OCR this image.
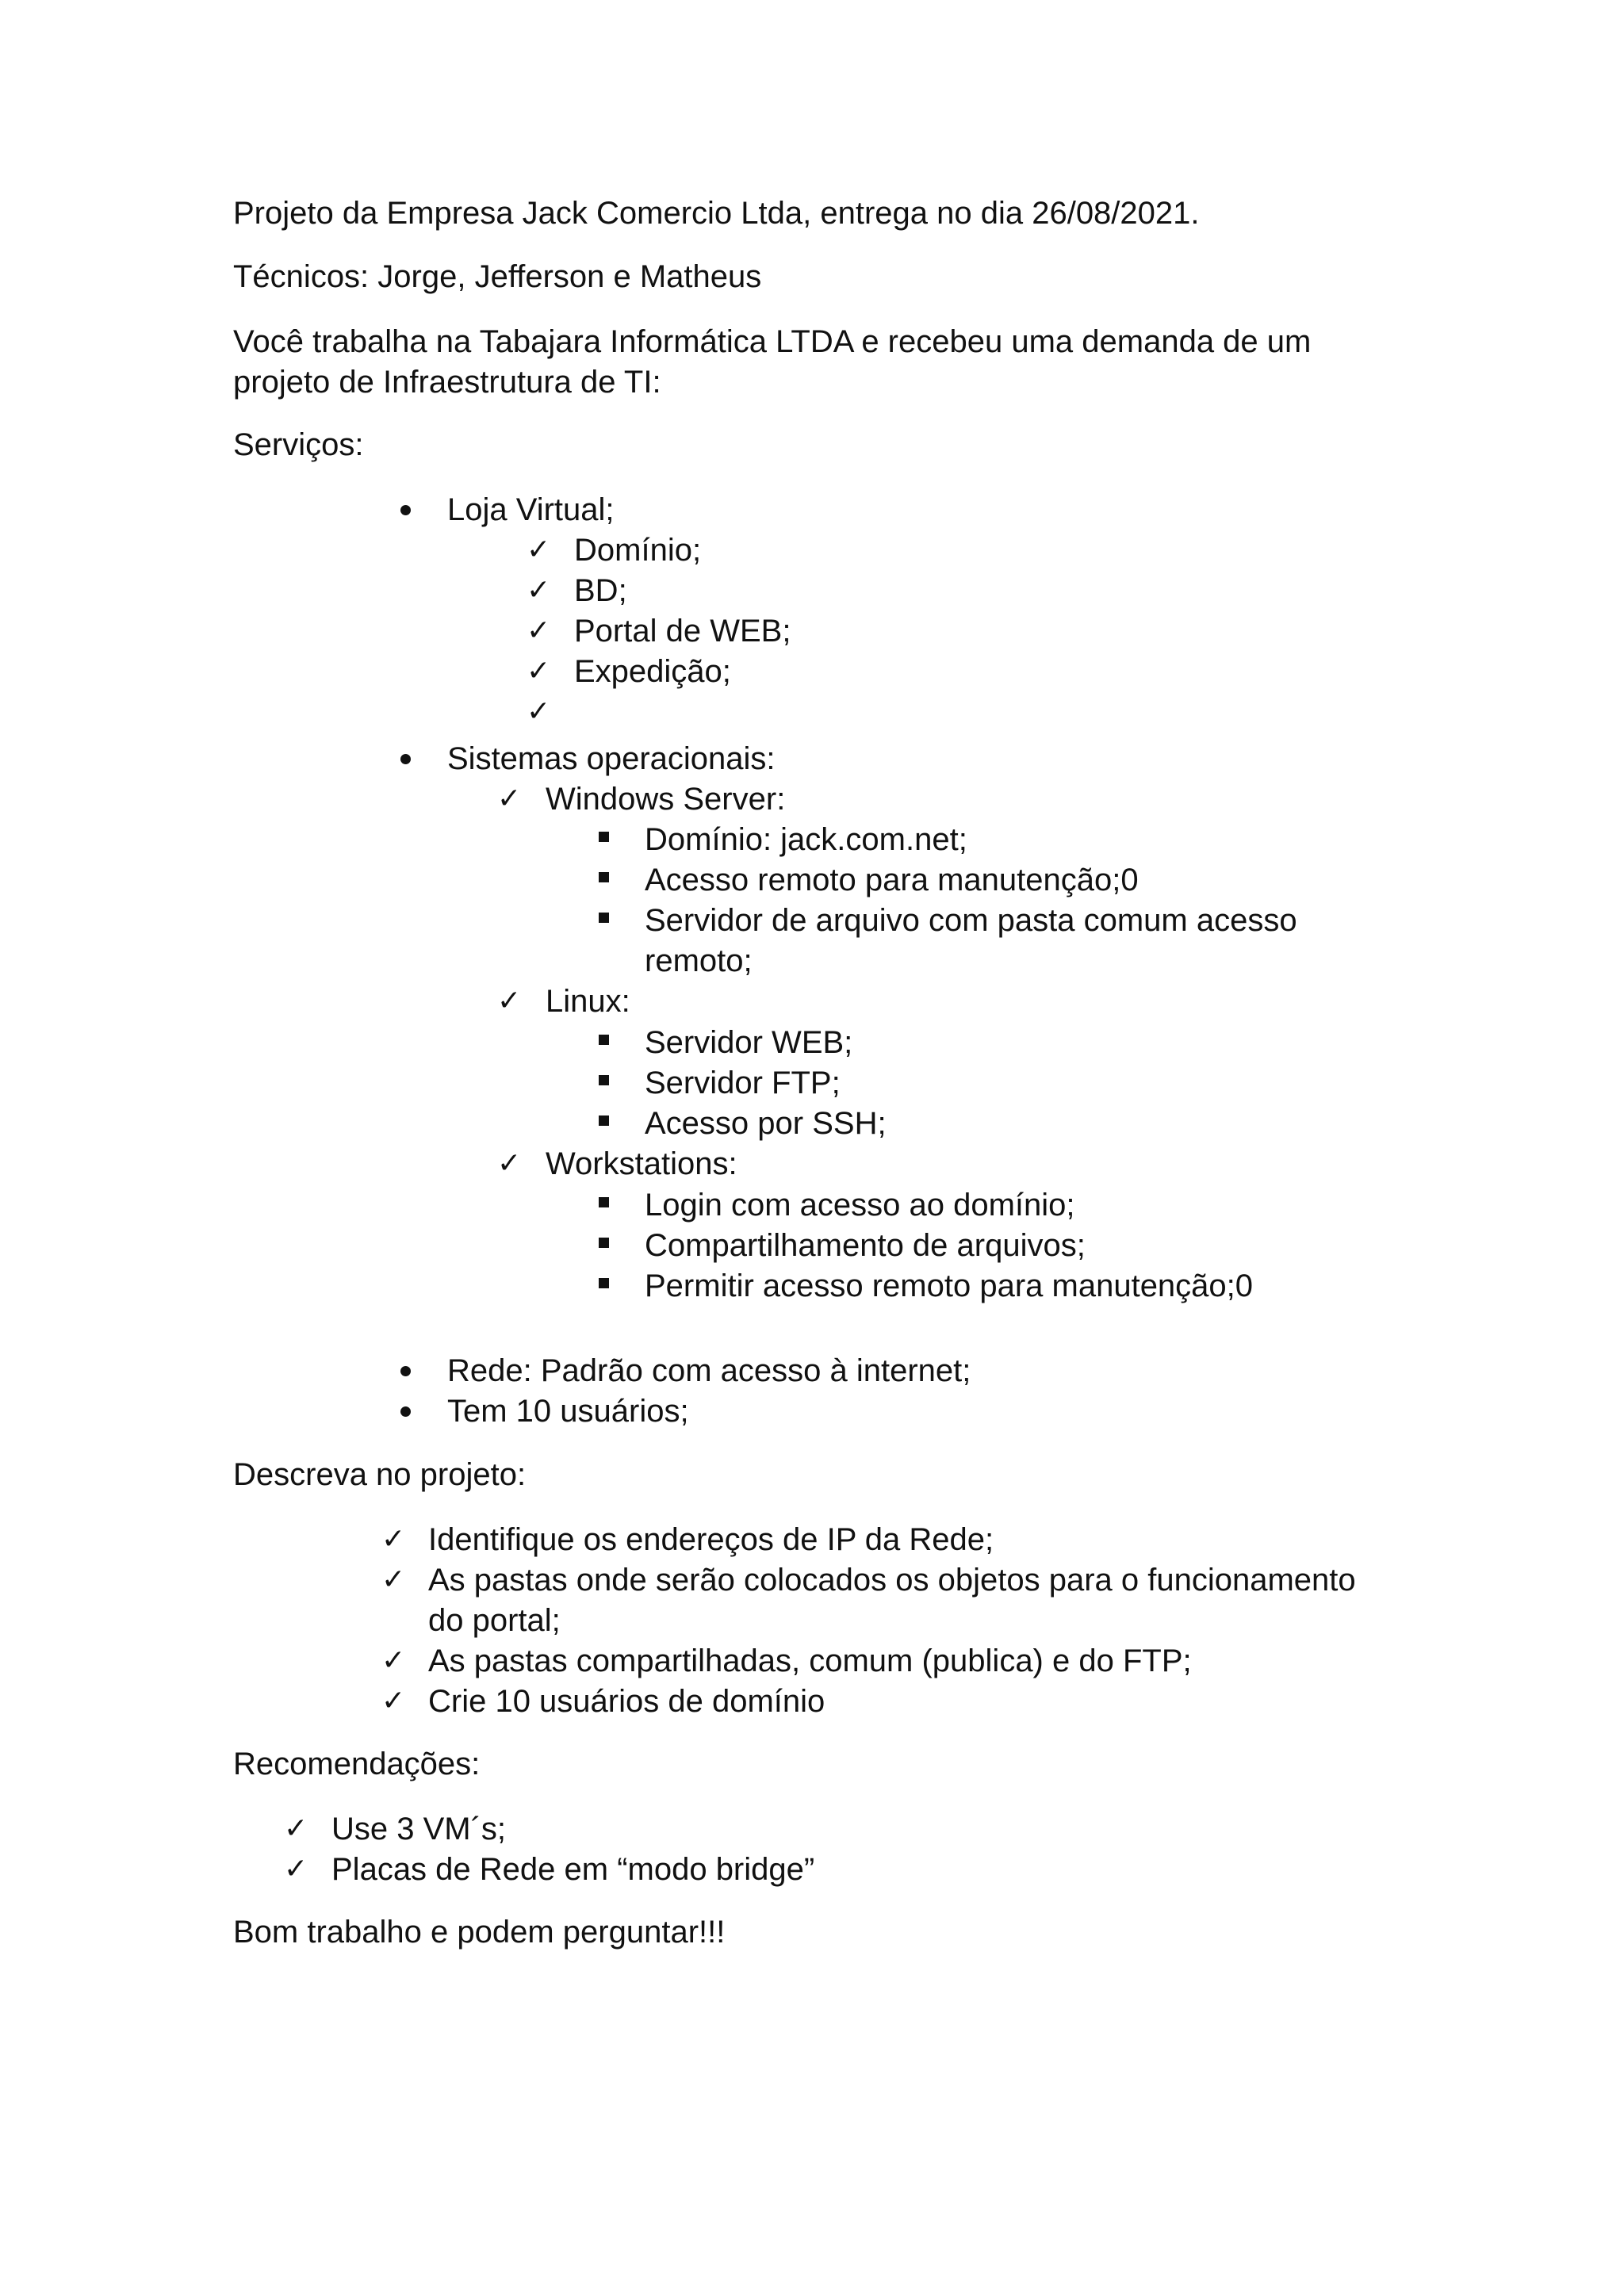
Projeto da Empresa Jack Comercio Ltda, entrega no dia 26/08/2021.
Técnicos: Jorge, Jefferson e Matheus
Você trabalha na Tabajara Informática LTDA e recebeu uma demanda de um
projeto de Infraestrutura de TI:
Serviços:
Loja Virtual;
✓ Domínio;
✓ BD;
✓ Portal de WEB;
✓ Expedição;
✓
Sistemas operacionais:
✓ Windows Server:
Domínio: jack.com.net;
Acesso remoto para manutenção;0
Servidor de arquivo com pasta comum acesso
remoto;
✓ Linux:
Servidor WEB;
Servidor FTP;
Acesso por SSH;
✓ Workstations:
Login com acesso ao domínio;
Compartilhamento de arquivos;
Permitir acesso remoto para manutenção;0
Rede: Padrão com acesso à internet;
Tem 10 usuários;
Descreva no projeto:
✓ Identifique os endereços de IP da Rede;
✓ As pastas onde serão colocados os objetos para o funcionamento
do portal;
✓ As pastas compartilhadas, comum (publica) e do FTP;
✓ Crie 10 usuários de domínio
Recomendações:
✓ Use 3 VM´s;
✓ Placas de Rede em “modo bridge”
Bom trabalho e podem perguntar!!!
